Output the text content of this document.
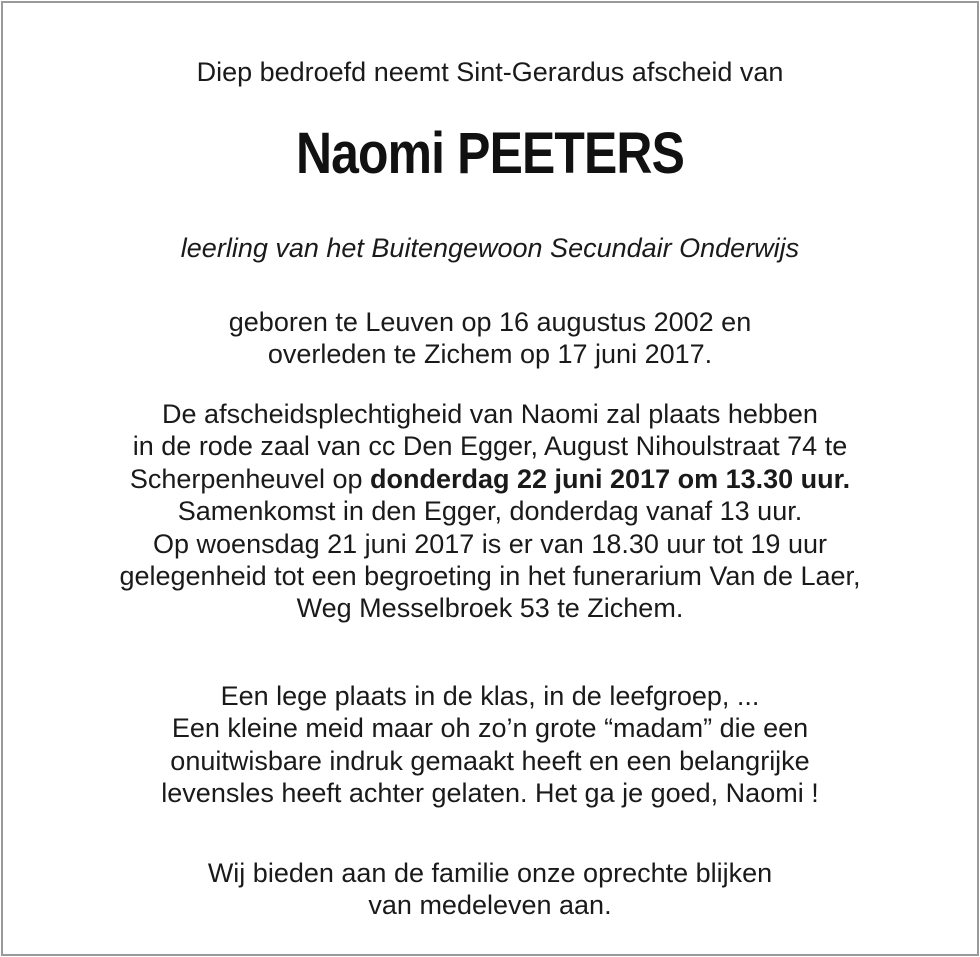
Diep bedroefd neemt Sint-Gerardus afscheid van

Naomi PEETERS

leerling van het Buitengewoon Secundair Onderwijs

geboren te Leuven op 16 augustus 2002 en
overleden te Zichem op 17 juni 2017.
De afscheidsplechtigheid van Naomi zal plaats hebben
in de rode zaal van cc Den Egger, August Nihoulstraat 74 te
Scherpenheuvel op donderdag 22 juni 2017 om 13.30 uur.
Samenkomst in den Egger, donderdag vanaf 13 uur.
Op woensdag 21 juni 2017 is er van 18.30 uur tot 19 uur
gelegenheid tot een begroeting in het funerarium Van de Laer,
Weg Messelbroek 53 te Zichem.
Een lege plaats in de klas, in de leefgroep, ...
Een kleine meid maar oh zo’n grote “madam” die een
onuitwisbare indruk gemaakt heeft en een belangrijke
levensles heeft achter gelaten. Het ga je goed, Naomi !
Wij bieden aan de familie onze oprechte blijken
van medeleven aan.
